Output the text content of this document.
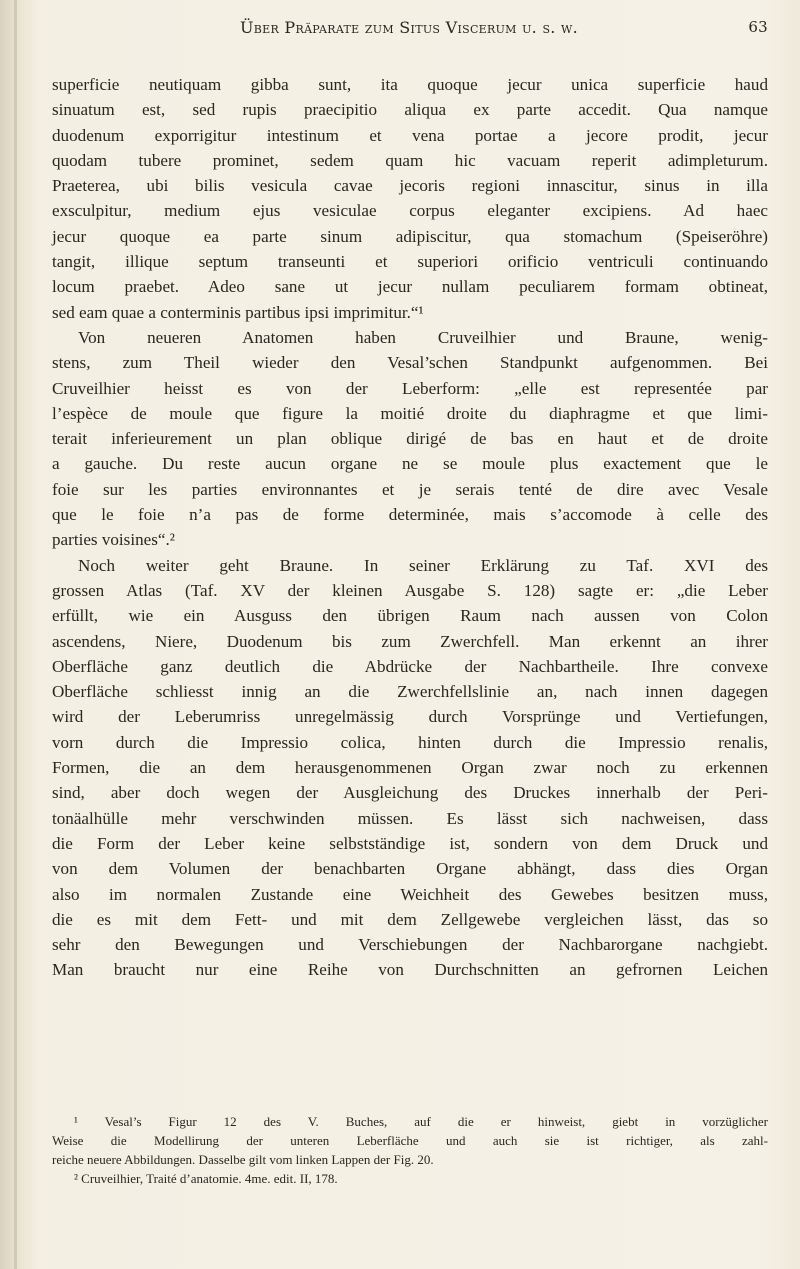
Über Präparate zum Situs Viscerum u. s. w.	63
superficie neutiquam gibba sunt, ita quoque jecur unica superficie haud
sinuatum est, sed rupis praecipitio aliqua ex parte accedit. Qua namque
duodenum exporrigitur intestinum et vena portae a jecore prodit, jecur
quodam tubere prominet, sedem quam hic vacuam reperit adimpleturum.
Praeterea, ubi bilis vesicula cavae jecoris regioni innascitur, sinus in illa
exsculpitur, medium ejus vesiculae corpus eleganter excipiens. Ad haec
jecur quoque ea parte sinum adipiscitur, qua stomachum (Speiseröhre)
tangit, illique septum transeunti et superiori orificio ventriculi continuando
locum praebet. Adeo sane ut jecur nullam peculiarem formam obtineat,
sed eam quae a conterminis partibus ipsi imprimitur.“¹
Von neueren Anatomen haben Cruveilhier und Braune, wenig-
stens, zum Theil wieder den Vesal’schen Standpunkt aufgenommen. Bei
Cruveilhier heisst es von der Leberform: „elle est representée par
l’espèce de moule que figure la moitié droite du diaphragme et que limi-
terait inferieurement un plan oblique dirigé de bas en haut et de droite
a gauche. Du reste aucun organe ne se moule plus exactement que le
foie sur les parties environnantes et je serais tenté de dire avec Vesale
que le foie n’a pas de forme determinée, mais s’accomode à celle des
parties voisines“.²
Noch weiter geht Braune. In seiner Erklärung zu Taf. XVI des
grossen Atlas (Taf. XV der kleinen Ausgabe S. 128) sagte er: „die Leber
erfüllt, wie ein Ausguss den übrigen Raum nach aussen von Colon
ascendens, Niere, Duodenum bis zum Zwerchfell. Man erkennt an ihrer
Oberfläche ganz deutlich die Abdrücke der Nachbartheile. Ihre convexe
Oberfläche schliesst innig an die Zwerchfellslinie an, nach innen dagegen
wird der Leberumriss unregelmässig durch Vorsprünge und Vertiefungen,
vorn durch die Impressio colica, hinten durch die Impressio renalis,
Formen, die an dem herausgenommenen Organ zwar noch zu erkennen
sind, aber doch wegen der Ausgleichung des Druckes innerhalb der Peri-
tonäalhülle mehr verschwinden müssen. Es lässt sich nachweisen, dass
die Form der Leber keine selbstständige ist, sondern von dem Druck und
von dem Volumen der benachbarten Organe abhängt, dass dies Organ
also im normalen Zustande eine Weichheit des Gewebes besitzen muss,
die es mit dem Fett- und mit dem Zellgewebe vergleichen lässt, das so
sehr den Bewegungen und Verschiebungen der Nachbarorgane nachgiebt.
Man braucht nur eine Reihe von Durchschnitten an gefrornen Leichen
¹ Vesal’s Figur 12 des V. Buches, auf die er hinweist, giebt in vorzüglicher
Weise die Modellirung der unteren Leberfläche und auch sie ist richtiger, als zahl-
reiche neuere Abbildungen. Dasselbe gilt vom linken Lappen der Fig. 20.
² Cruveilhier, Traité d’anatomie. 4me. edit. II, 178.
